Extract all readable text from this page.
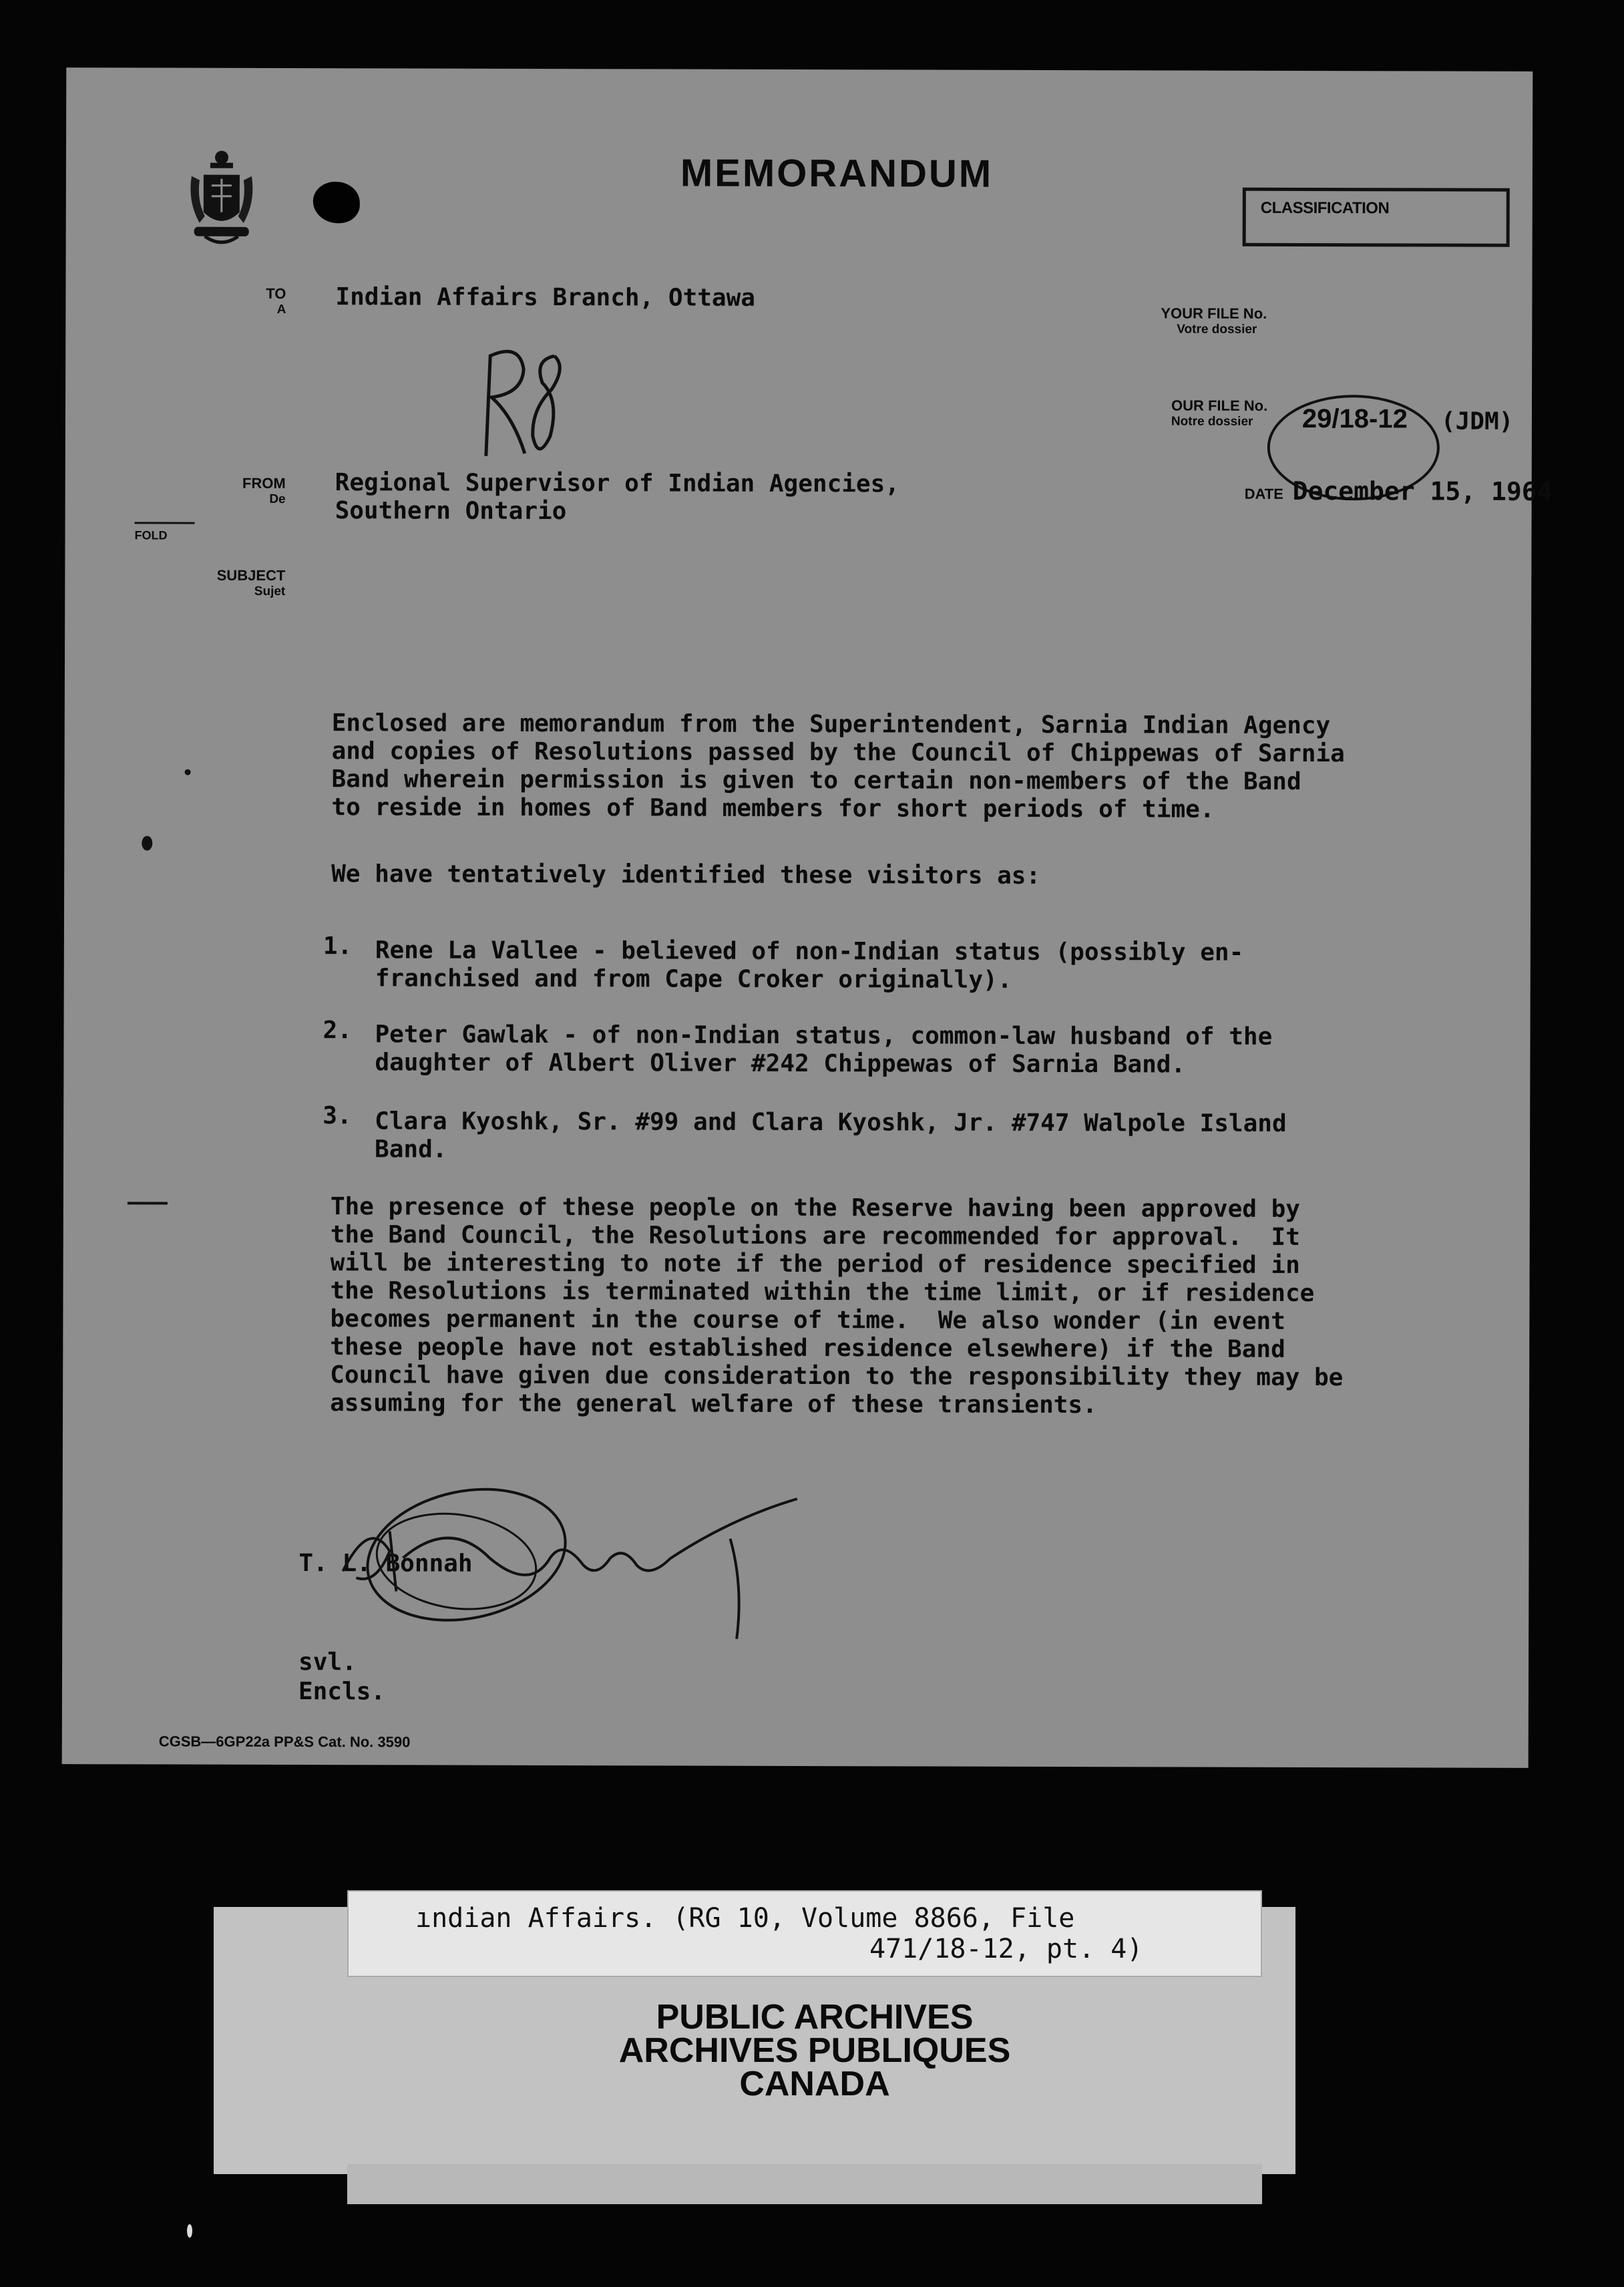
MEMORANDUM
CLASSIFICATION
TO
A Indian Affairs Branch, Ottawa
YOUR FILE No.
Votre dossier
OUR FILE No.
Notre dossier	29/18-12 (JDM)
FROM
De
Regional Supervisor of Indian Agencies,
Southern Ontario
DATE December 15, 1964
FOLD
SUBJECT
Sujet
Enclosed are memorandum from the Superintendent, Sarnia Indian Agency
and copies of Resolutions passed by the Council of Chippewas of Sarnia
Band wherein permission is given to certain non-members of the Band
to reside in homes of Band members for short periods of time.
We have tentatively identified these visitors as:
1. Rene La Vallee - believed of non-Indian status (possibly en-
franchised and from Cape Croker originally).
2. Peter Gawlak - of non-Indian status, common-law husband of the
daughter of Albert Oliver #242 Chippewas of Sarnia Band.
3. Clara Kyoshk, Sr. #99 and Clara Kyoshk, Jr. #747 Walpole Island
Band.
The presence of these people on the Reserve having been approved by
the Band Council, the Resolutions are recommended for approval.  It
will be interesting to note if the period of residence specified in
the Resolutions is terminated within the time limit, or if residence
becomes permanent in the course of time.  We also wonder (in event
these people have not established residence elsewhere) if the Band
Council have given due consideration to the responsibility they may be
assuming for the general welfare of these transients.
T. L. Bonnah
svl.
Encls.
CGSB—6GP22a PP&S Cat. No. 3590
ındian Affairs. (RG 10, Volume 8866, File
471/18-12, pt. 4)
PUBLIC ARCHIVES
ARCHIVES PUBLIQUES
CANADA
